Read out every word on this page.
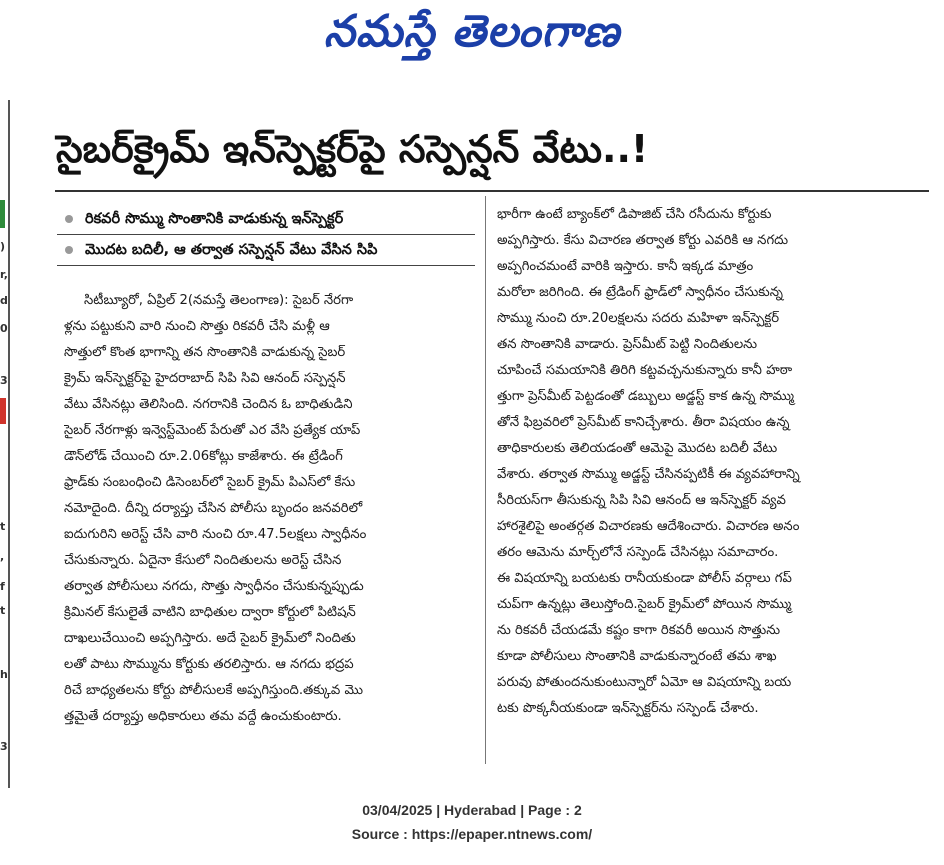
నమస్తే తెలంగాణ
)
r,
d
0
3
t
,
f
t
h
3
సైబర్‌క్రైమ్‌ ఇన్‌స్పెక్టర్‌పై సస్పెన్షన్‌ వేటు..!
రికవరీ సొమ్ము సొంతానికి వాడుకున్న ఇన్‌స్పెక్టర్‌
మొదట బదిలీ, ఆ తర్వాత సస్పెన్షన్‌ వేటు వేసిన సిపి

సిటీబ్యూరో, ఏప్రిల్‌ 2(నమస్తే తెలంగాణ): సైబర్‌ నేరగా

ళ్లను పట్టుకుని వారి నుంచి సొత్తు రికవరీ చేసి మళ్లీ ఆ

సొత్తులో కొంత భాగాన్ని తన సొంతానికి వాడుకున్న సైబర్‌

క్రైమ్‌ ఇన్‌స్పెక్టర్‌పై హైదరాబాద్‌ సిపి సివి ఆనంద్‌ సస్పెన్షన్‌

వేటు వేసినట్లు తెలిసింది. నగరానికి చెందిన ఓ బాధితుడిని

సైబర్‌ నేరగాళ్లు ఇన్వెస్ట్‌మెంట్‌ పేరుతో ఎర వేసి ప్రత్యేక యాప్‌

డౌన్‌లోడ్‌ చేయించి రూ.2.06కోట్లు కాజేశారు. ఈ ట్రేడింగ్‌

ఫ్రాడ్‌కు సంబంధించి డిసెంబర్‌లో సైబర్‌ క్రైమ్‌ పిఎస్‌లో కేసు

నమోదైంది. దీన్ని దర్యాప్తు చేసిన పోలీసు బృందం జనవరిలో

ఐదుగురిని అరెస్ట్‌ చేసి వారి నుంచి రూ.47.5లక్షలు స్వాధీనం

చేసుకున్నారు. ఏదైనా కేసులో నిందితులను అరెస్ట్‌ చేసిన

తర్వాత పోలీసులు నగదు, సొత్తు స్వాధీనం చేసుకున్నప్పుడు

క్రిమినల్‌ కేసులైతే వాటిని బాధితుల ద్వారా కోర్టులో పిటిషన్‌

దాఖలుచేయించి అప్పగిస్తారు. అదే సైబర్‌ క్రైమ్‌లో నిందితు

లతో పాటు సొమ్మును కోర్టుకు తరలిస్తారు. ఆ నగదు భద్రప

రిచే బాధ్యతలను కోర్టు పోలీసులకే అప్పగిస్తుంది.తక్కువ మొ

త్తమైతే దర్యాప్తు అధికారులు తమ వద్దే ఉంచుకుంటారు.

భారీగా ఉంటే బ్యాంక్‌లో డిపాజిట్‌ చేసి రసీదును కోర్టుకు

అప్పగిస్తారు. కేసు విచారణ తర్వాత కోర్టు ఎవరికి ఆ నగదు

అప్పగించమంటే వారికి ఇస్తారు. కానీ ఇక్కడ మాత్రం

మరోలా జరిగింది. ఈ ట్రేడింగ్‌ ఫ్రాడ్‌లో స్వాధీనం చేసుకున్న

సొమ్ము నుంచి రూ.20లక్షలను సదరు మహిళా ఇన్‌స్పెక్టర్‌

తన సొంతానికి వాడారు. ప్రెస్‌మీట్‌ పెట్టి నిందితులను

చూపించే సమయానికి తిరిగి కట్టవచ్చనుకున్నారు కానీ హఠా

త్తుగా ప్రెస్‌మీట్‌ పెట్టడంతో డబ్బులు అడ్జస్ట్‌ కాక ఉన్న సొమ్ము

తోనే ఫిబ్రవరిలో ప్రెస్‌మీట్‌ కానిచ్చేశారు. తీరా విషయం ఉన్న

తాధికారులకు తెలియడంతో ఆమెపై మొదట బదిలీ వేటు

వేశారు. తర్వాత సొమ్ము అడ్జస్ట్‌ చేసినప్పటికీ ఈ వ్యవహారాన్ని

సీరియస్‌గా తీసుకున్న సిపి సివి ఆనంద్‌ ఆ ఇన్‌స్పెక్టర్‌ వ్యవ

హారశైలిపై అంతర్గత విచారణకు ఆదేశించారు. విచారణ అనం

తరం ఆమెను మార్చ్‌లోనే సస్పెండ్‌ చేసినట్లు సమాచారం.

ఈ విషయాన్ని బయటకు రానీయకుండా పోలీస్‌ వర్గాలు గప్‌

చుప్‌గా ఉన్నట్లు తెలుస్తోంది.సైబర్‌ క్రైమ్‌లో పోయిన సొమ్ము

ను రికవరీ చేయడమే కష్టం కాగా రికవరీ అయిన సొత్తును

కూడా పోలీసులు సొంతానికి వాడుకున్నారంటే తమ శాఖ

పరువు పోతుందనుకుంటున్నారో ఏమో ఆ విషయాన్ని బయ

టకు పొక్కనీయకుండా ఇన్‌స్పెక్టర్‌ను సస్పెండ్‌ చేశారు.

03/04/2025 | Hyderabad | Page : 2
Source : https://epaper.ntnews.com/
